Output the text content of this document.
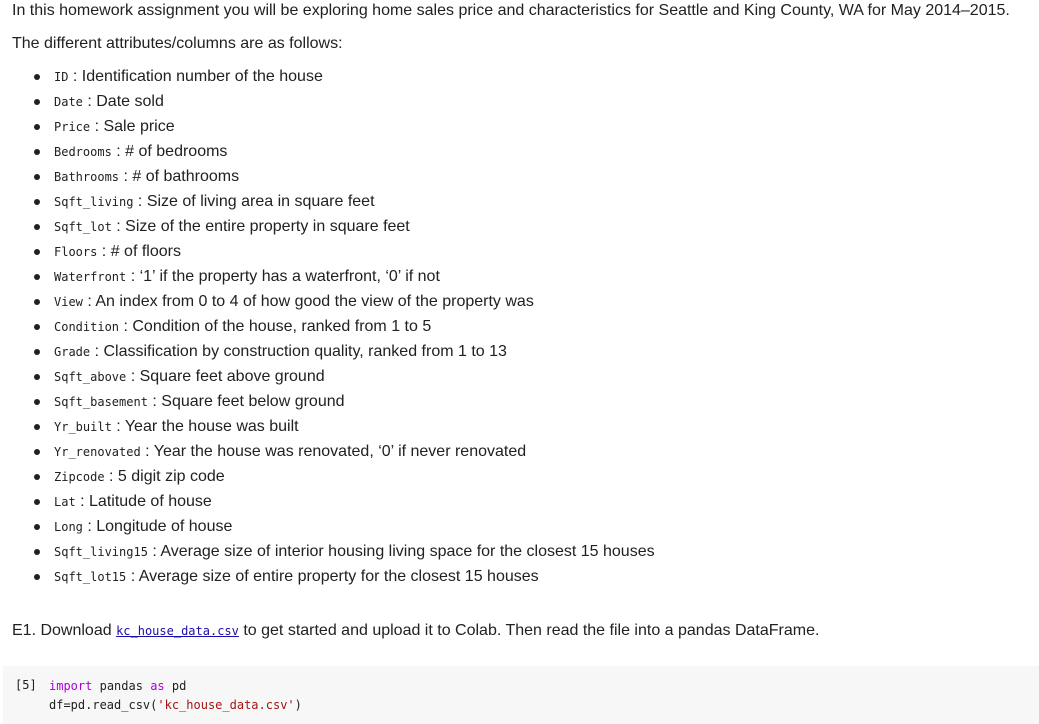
In this homework assignment you will be exploring home sales price and characteristics for Seattle and King County, WA for May 2014–2015.

The different attributes/columns are as follows:

ID : Identification number of the house
Date : Date sold
Price : Sale price
Bedrooms : # of bedrooms
Bathrooms : # of bathrooms
Sqft_living : Size of living area in square feet
Sqft_lot : Size of the entire property in square feet
Floors : # of floors
Waterfront : ‘1’ if the property has a waterfront, ‘0’ if not
View : An index from 0 to 4 of how good the view of the property was
Condition : Condition of the house, ranked from 1 to 5
Grade : Classification by construction quality, ranked from 1 to 13
Sqft_above : Square feet above ground
Sqft_basement : Square feet below ground
Yr_built : Year the house was built
Yr_renovated : Year the house was renovated, ‘0’ if never renovated
Zipcode : 5 digit zip code
Lat : Latitude of house
Long : Longitude of house
Sqft_living15 : Average size of interior housing living space for the closest 15 houses
Sqft_lot15 : Average size of entire property for the closest 15 houses

E1. Download kc_house_data.csv to get started and upload it to Colab. Then read the file into a pandas DataFrame.

[5] import pandas as pd
df=pd.read_csv('kc_house_data.csv')
